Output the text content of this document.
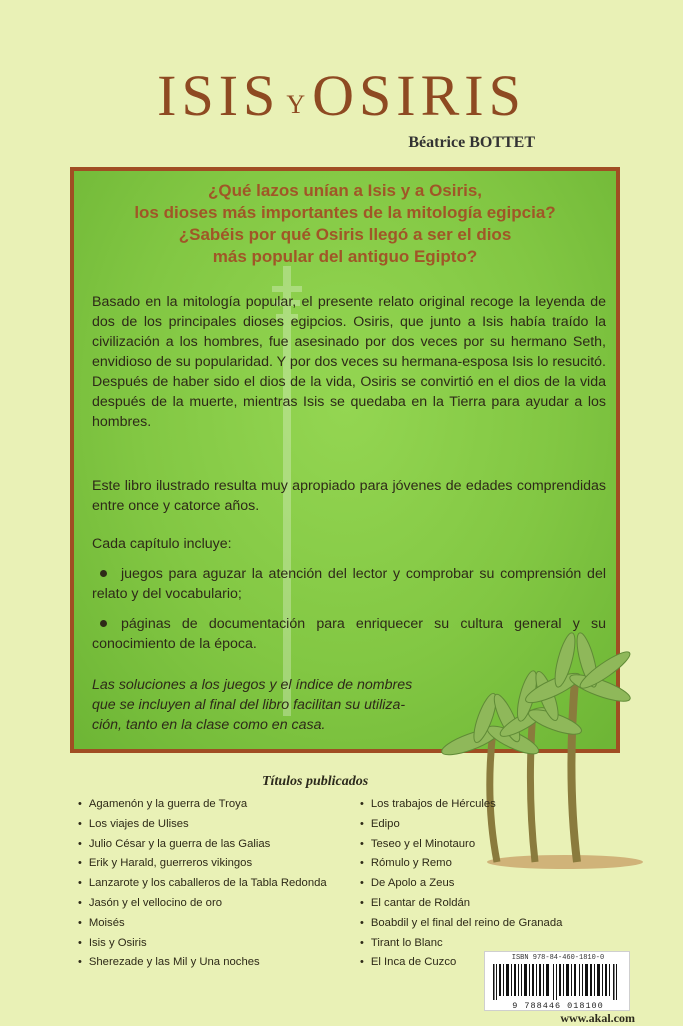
ISIS Y OSIRIS
Béatrice BOTTET
¿Qué lazos unían a Isis y a Osiris,
los dioses más importantes de la mitología egipcia?
¿Sabéis por qué Osiris llegó a ser el dios
más popular del antiguo Egipto?
Basado en la mitología popular, el presente relato original recoge la leyenda de dos de los principales dioses egipcios. Osiris, que junto a Isis había traído la civilización a los hombres, fue asesinado por dos veces por su hermano Seth, envidioso de su popularidad. Y por dos veces su hermana-esposa Isis lo resucitó. Después de haber sido el dios de la vida, Osiris se convirtió en el dios de la vida después de la muerte, mientras Isis se quedaba en la Tierra para ayudar a los hombres.
Este libro ilustrado resulta muy apropiado para jóvenes de edades comprendidas entre once y catorce años.
Cada capítulo incluye:
juegos para aguzar la atención del lector y comprobar su comprensión del relato y del vocabulario;
páginas de documentación para enriquecer su cultura general y su conocimiento de la época.
Las soluciones a los juegos y el índice de nombres
que se incluyen al final del libro facilitan su utiliza-
ción, tanto en la clase como en casa.
Títulos publicados
• Agamenón y la guerra de Troya
• Los viajes de Ulises
• Julio César y la guerra de las Galias
• Erik y Harald, guerreros vikingos
• Lanzarote y los caballeros de la Tabla Redonda
• Jasón y el vellocino de oro
• Moisés
• Isis y Osiris
• Sherezade y las Mil y Una noches
• Los trabajos de Hércules
• Edipo
• Teseo y el Minotauro
• Rómulo y Remo
• De Apolo a Zeus
• El cantar de Roldán
• Boabdil y el final del reino de Granada
• Tirant lo Blanc
• El Inca de Cuzco	ISBN 978-84-460-1810-0
9 788446 018100
www.akal.com
